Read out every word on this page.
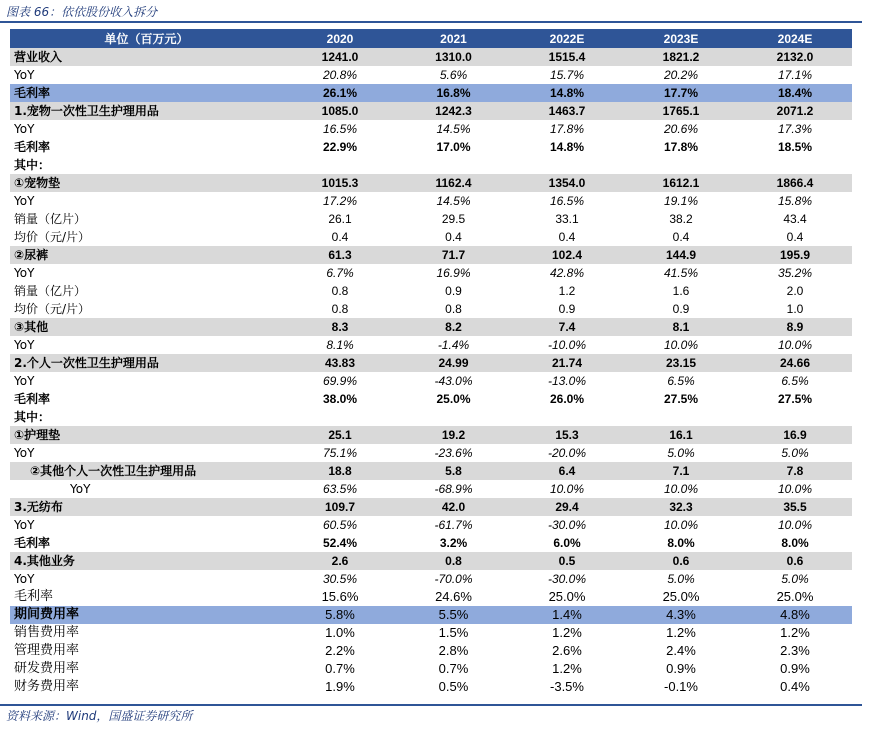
图表 66：依依股份收入拆分
单位（百万元）	2020	2021	2022E	2023E	2024E
营业收入	1241.0	1310.0	1515.4	1821.2	2132.0
YoY	20.8%	5.6%	15.7%	20.2%	17.1%
毛利率	26.1%	16.8%	14.8%	17.7%	18.4%
1.宠物一次性卫生护理用品	1085.0	1242.3	1463.7	1765.1	2071.2
YoY	16.5%	14.5%	17.8%	20.6%	17.3%
毛利率	22.9%	17.0%	14.8%	17.8%	18.5%
其中：					
①宠物垫	1015.3	1162.4	1354.0	1612.1	1866.4
YoY	17.2%	14.5%	16.5%	19.1%	15.8%
销量（亿片）	26.1	29.5	33.1	38.2	43.4
均价（元/片）	0.4	0.4	0.4	0.4	0.4
②尿裤	61.3	71.7	102.4	144.9	195.9
YoY	6.7%	16.9%	42.8%	41.5%	35.2%
销量（亿片）	0.8	0.9	1.2	1.6	2.0
均价（元/片）	0.8	0.8	0.9	0.9	1.0
③其他	8.3	8.2	7.4	8.1	8.9
YoY	8.1%	-1.4%	-10.0%	10.0%	10.0%
2.个人一次性卫生护理用品	43.83	24.99	21.74	23.15	24.66
YoY	69.9%	-43.0%	-13.0%	6.5%	6.5%
毛利率	38.0%	25.0%	26.0%	27.5%	27.5%
其中：					
①护理垫	25.1	19.2	15.3	16.1	16.9
YoY	75.1%	-23.6%	-20.0%	5.0%	5.0%
②其他个人一次性卫生护理用品	18.8	5.8	6.4	7.1	7.8
YoY	63.5%	-68.9%	10.0%	10.0%	10.0%
3.无纺布	109.7	42.0	29.4	32.3	35.5
YoY	60.5%	-61.7%	-30.0%	10.0%	10.0%
毛利率	52.4%	3.2%	6.0%	8.0%	8.0%
4.其他业务	2.6	0.8	0.5	0.6	0.6
YoY	30.5%	-70.0%	-30.0%	5.0%	5.0%
毛利率	15.6%	24.6%	25.0%	25.0%	25.0%
期间费用率	5.8%	5.5%	1.4%	4.3%	4.8%
销售费用率	1.0%	1.5%	1.2%	1.2%	1.2%
管理费用率	2.2%	2.8%	2.6%	2.4%	2.3%
研发费用率	0.7%	0.7%	1.2%	0.9%	0.9%
财务费用率	1.9%	0.5%	-3.5%	-0.1%	0.4%
资料来源：Wind，国盛证券研究所
